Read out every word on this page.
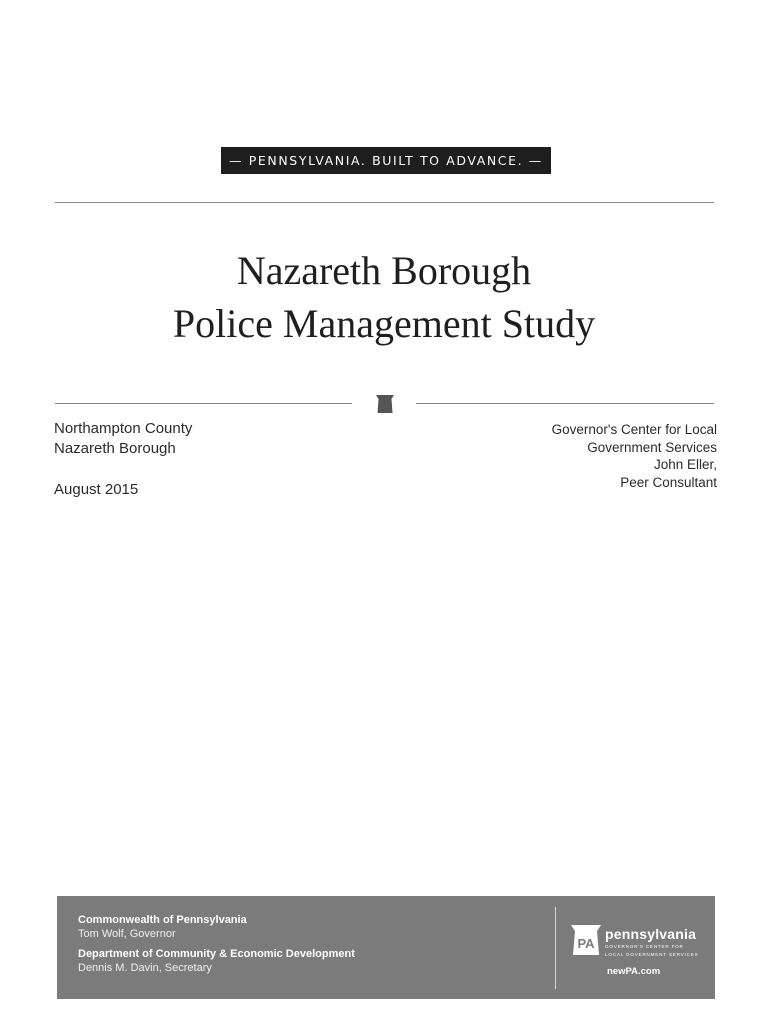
— PENNSYLVANIA. BUILT TO ADVANCE. —
Nazareth Borough
Police Management Study
Northampton County
Nazareth Borough
August 2015
Governor's Center for Local
Government Services
John Eller,
Peer Consultant
Commonwealth of Pennsylvania
Tom Wolf, Governor
Department of Community & Economic Development
Dennis M. Davin, Secretary
PA
pennsylvania
GOVERNOR'S CENTER FOR
LOCAL GOVERNMENT SERVICES
newPA.com
